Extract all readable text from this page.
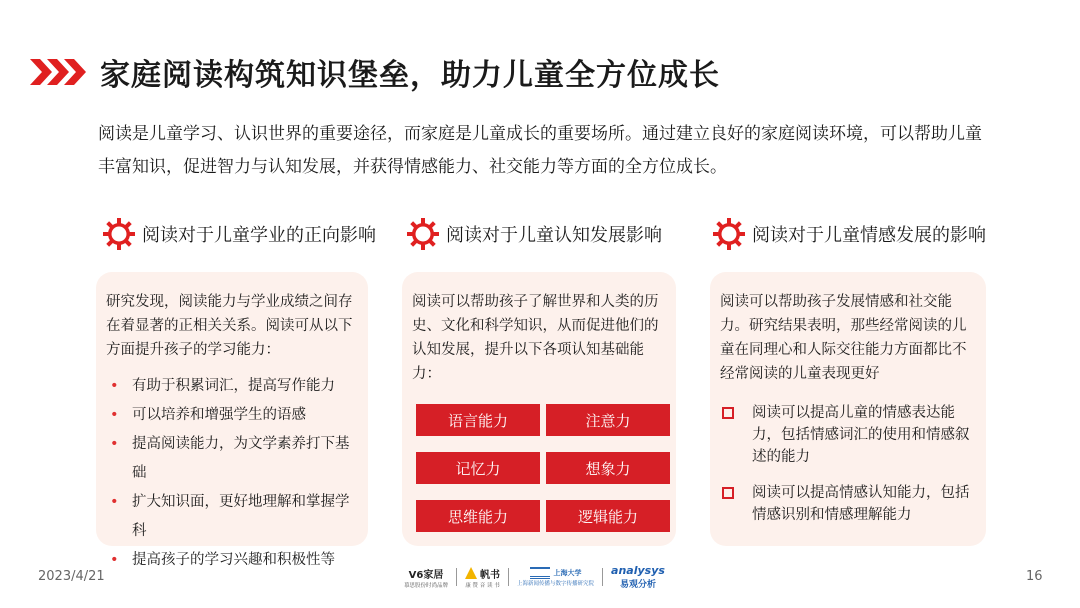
家庭阅读构筑知识堡垒，助力儿童全方位成长

阅读是儿童学习、认识世界的重要途径，而家庭是儿童成长的重要场所。通过建立良好的家庭阅读环境，可以帮助儿童丰富知识，促进智力与认知发展，并获得情感能力、社交能力等方面的全方位成长。

阅读对于儿童学业的正向影响	阅读对于儿童认知发展影响	阅读对于儿童情感发展的影响

研究发现，阅读能力与学业成绩之间存在着显著的正相关关系。阅读可从以下方面提升孩子的学习能力：

• 有助于积累词汇，提高写作能力
• 可以培养和增强学生的语感
• 提高阅读能力，为文学素养打下基础
• 扩大知识面，更好地理解和掌握学科
• 提高孩子的学习兴趣和积极性等

阅读可以帮助孩子了解世界和人类的历史、文化和科学知识，从而促进他们的认知发展，提升以下各项认知基础能力：

语言能力	注意力
记忆力	想象力
思维能力	逻辑能力

阅读可以帮助孩子发展情感和社交能力。研究结果表明，那些经常阅读的儿童在同理心和人际交往能力方面都比不经常阅读的儿童表现更好

阅读可以提高儿童的情感表达能力，包括情感词汇的使用和情感叙述的能力
阅读可以提高情感认知能力，包括情感识别和情感理解能力
2023/4/21	V6家居
慕思股份时尚品牌
帆书
康 赞 音 读 书
上海大学
上海新闻传播与数字传播研究院
analysys
易观分析
16
